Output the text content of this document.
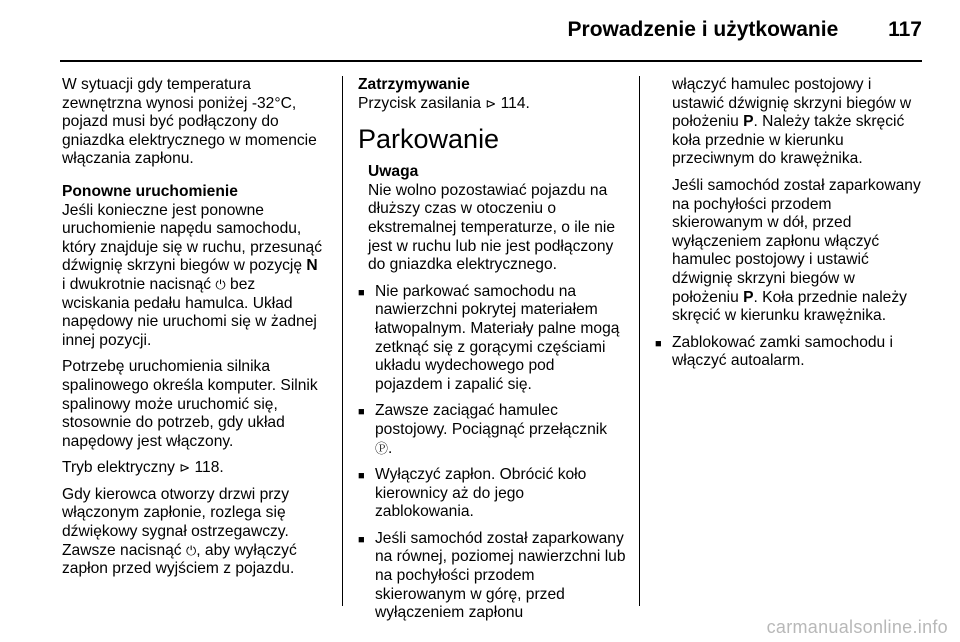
Prowadzenie i użytkowanie 117

W sytuacji gdy temperatura zewnętrzna wynosi poniżej -32°C, pojazd musi być podłączony do gniazdka elektrycznego w momencie włączania zapłonu.

Ponowne uruchomienie

Jeśli konieczne jest ponowne uruchomienie napędu samochodu, który znajduje się w ruchu, przesunąć dźwignię skrzyni biegów w pozycję N i dwukrotnie nacisnąć ⏻ bez wciskania pedału hamulca. Układ napędowy nie uruchomi się w żadnej innej pozycji.

Potrzebę uruchomienia silnika spalinowego określa komputer. Silnik spalinowy może uruchomić się, stosownie do potrzeb, gdy układ napędowy jest włączony.

Tryb elektryczny ⊳ 118.

Gdy kierowca otworzy drzwi przy włączonym zapłonie, rozlega się dźwiękowy sygnał ostrzegawczy. Zawsze nacisnąć ⏻, aby wyłączyć zapłon przed wyjściem z pojazdu.

Zatrzymywanie

Przycisk zasilania ⊳ 114.

Parkowanie

Uwaga

Nie wolno pozostawiać pojazdu na dłuższy czas w otoczeniu o ekstremalnej temperaturze, o ile nie jest w ruchu lub nie jest podłączony do gniazdka elektrycznego.

■ Nie parkować samochodu na nawierzchni pokrytej materiałem łatwopalnym. Materiały palne mogą zetknąć się z gorącymi częściami układu wydechowego pod pojazdem i zapalić się.
■ Zawsze zaciągać hamulec postojowy. Pociągnąć przełącznik Ⓟ.
■ Wyłączyć zapłon. Obrócić koło kierownicy aż do jego zablokowania.
■ Jeśli samochód został zaparkowany na równej, poziomej nawierzchni lub na pochyłości przodem skierowanym w górę, przed wyłączeniem zapłonu

włączyć hamulec postojowy i ustawić dźwignię skrzyni biegów w położeniu P. Należy także skręcić koła przednie w kierunku przeciwnym do krawężnika.

Jeśli samochód został zaparkowany na pochyłości przodem skierowanym w dół, przed wyłączeniem zapłonu włączyć hamulec postojowy i ustawić dźwignię skrzyni biegów w położeniu P. Koła przednie należy skręcić w kierunku krawężnika.

■ Zablokować zamki samochodu i włączyć autoalarm.
carmanualsonline.info
